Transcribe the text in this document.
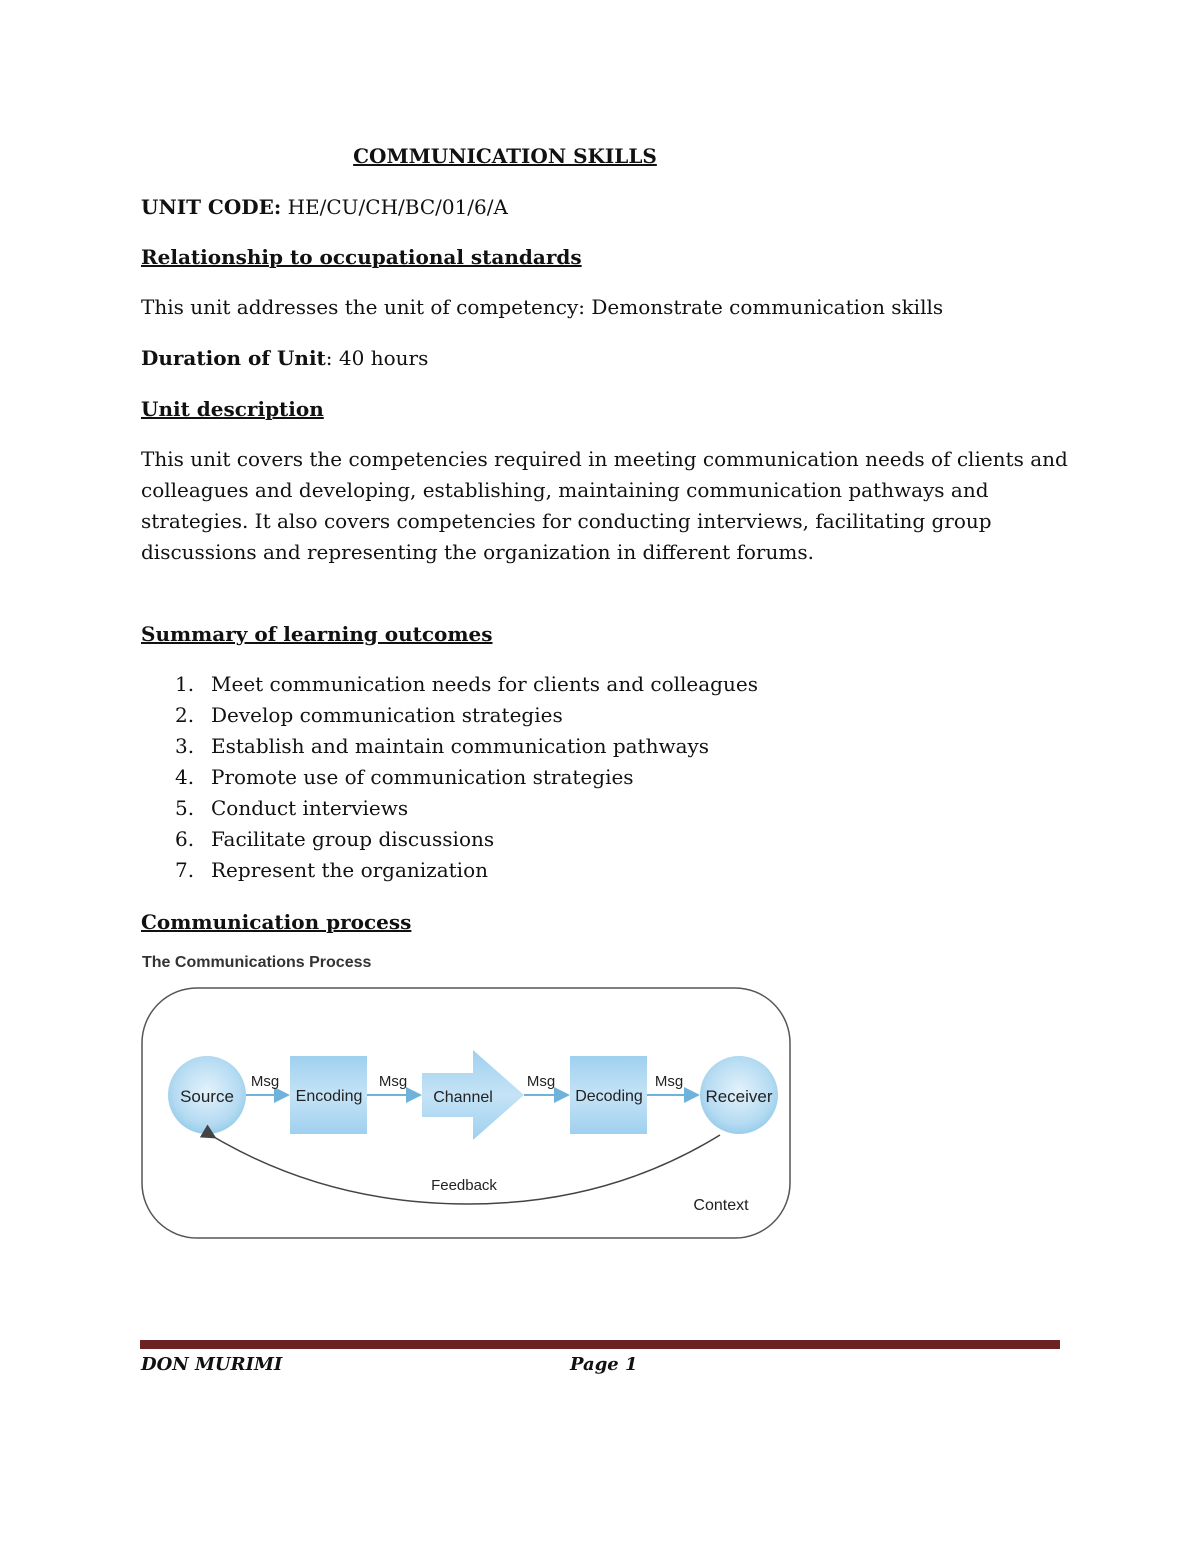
COMMUNICATION SKILLS

UNIT CODE: HE/CU/CH/BC/01/6/A

Relationship to occupational standards

This unit addresses the unit of competency: Demonstrate communication skills

Duration of Unit: 40 hours

Unit description

This unit covers the competencies required in meeting communication needs of clients and colleagues and developing, establishing, maintaining communication pathways and strategies. It also covers competencies for conducting interviews, facilitating group discussions and representing the organization in different forums.

Summary of learning outcomes

1. Meet communication needs for clients and colleagues
2. Develop communication strategies
3. Establish and maintain communication pathways
4. Promote use of communication strategies
5. Conduct interviews
6. Facilitate group discussions
7. Represent the organization

Communication process

The Communications Process

Source
Msg
Encoding
Msg
Channel
Msg
Decoding
Msg
Receiver
Feedback
Context

DON MURIMI	Page 1
